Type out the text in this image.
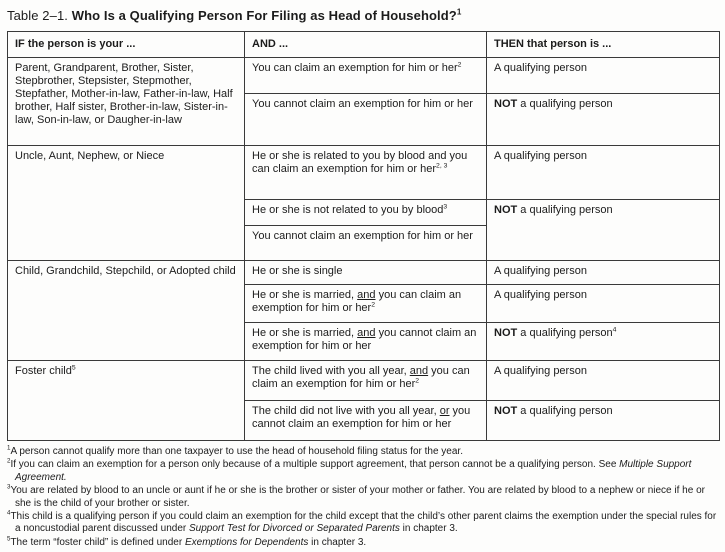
Table 2–1. Who Is a Qualifying Person For Filing as Head of Household?$^1$
IF the person is your ...	AND ...	THEN that person is ...
Parent, Grandparent, Brother, Sister, Stepbrother, Stepsister, Stepmother, Stepfather, Mother-in-law, Father-in-law, Half brother, Half sister, Brother-in-law, Sister-in-law, Son-in-law, or Daugher-in-law	You can claim an exemption for him or her$^2$	A qualifying person
	You cannot claim an exemption for him or her	NOT a qualifying person
Uncle, Aunt, Nephew, or Niece	He or she is related to you by blood and you can claim an exemption for him or her$^{2, 3}$	A qualifying person
	He or she is not related to you by blood$^3$	NOT a qualifying person
	You cannot claim an exemption for him or her	
Child, Grandchild, Stepchild, or Adopted child	He or she is single	A qualifying person
	He or she is married, and you can claim an exemption for him or her$^2$	A qualifying person
	He or she is married, and you cannot claim an exemption for him or her	NOT a qualifying person$^4$
Foster child$^5$	The child lived with you all year, and you can claim an exemption for him or her$^2$	A qualifying person
	The child did not live with you all year, or you cannot claim an exemption for him or her	NOT a qualifying person
$^1$A person cannot qualify more than one taxpayer to use the head of household filing status for the year.
$^2$If you can claim an exemption for a person only because of a multiple support agreement, that person cannot be a qualifying person. See Multiple Support Agreement.
$^3$You are related by blood to an uncle or aunt if he or she is the brother or sister of your mother or father. You are related by blood to a nephew or niece if he or she is the child of your brother or sister.
$^4$This child is a qualifying person if you could claim an exemption for the child except that the child’s other parent claims the exemption under the special rules for a noncustodial parent discussed under Support Test for Divorced or Separated Parents in chapter 3.
$^5$The term “foster child” is defined under Exemptions for Dependents in chapter 3.
